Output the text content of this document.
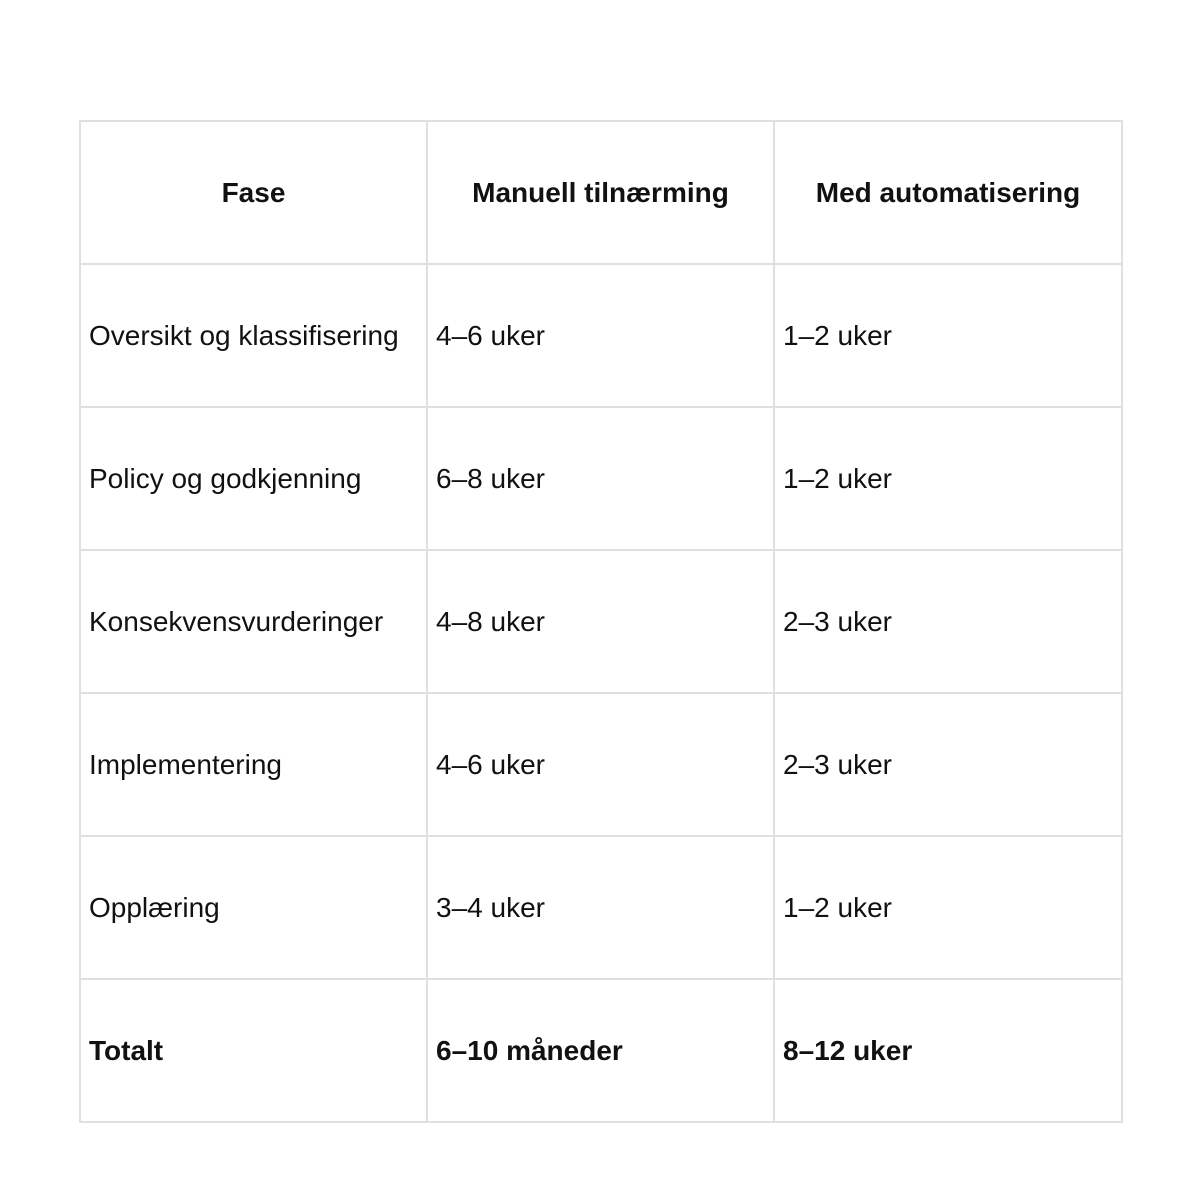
Fase	Manuell tilnærming	Med automatisering
Oversikt og klassifisering	4–6 uker	1–2 uker
Policy og godkjenning	6–8 uker	1–2 uker
Konsekvensvurderinger	4–8 uker	2–3 uker
Implementering	4–6 uker	2–3 uker
Opplæring	3–4 uker	1–2 uker
Totalt	6–10 måneder	8–12 uker
